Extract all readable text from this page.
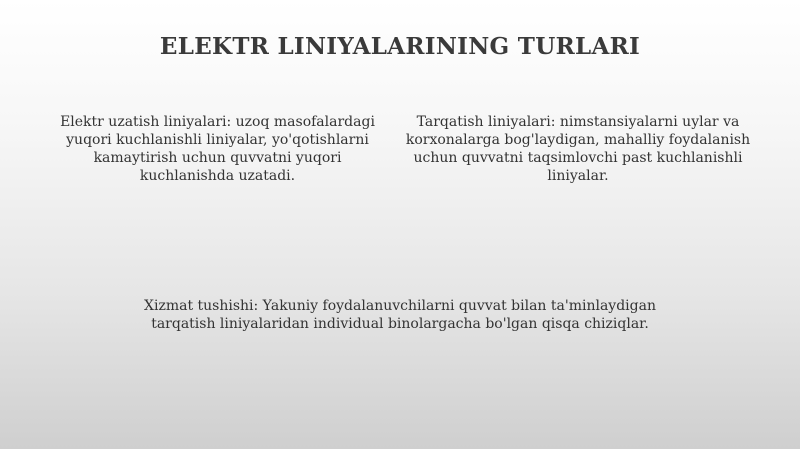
ELEKTR LINIYALARINING TURLARI

Elektr uzatish liniyalari: uzoq masofalardagi yuqori kuchlanishli liniyalar, yo'qotishlarni kamaytirish uchun quvvatni yuqori kuchlanishda uzatadi.

Tarqatish liniyalari: nimstansiyalarni uylar va korxonalarga bog'laydigan, mahalliy foydalanish uchun quvvatni taqsimlovchi past kuchlanishli liniyalar.

Xizmat tushishi: Yakuniy foydalanuvchilarni quvvat bilan ta'minlaydigan tarqatish liniyalaridan individual binolargacha bo'lgan qisqa chiziqlar.
